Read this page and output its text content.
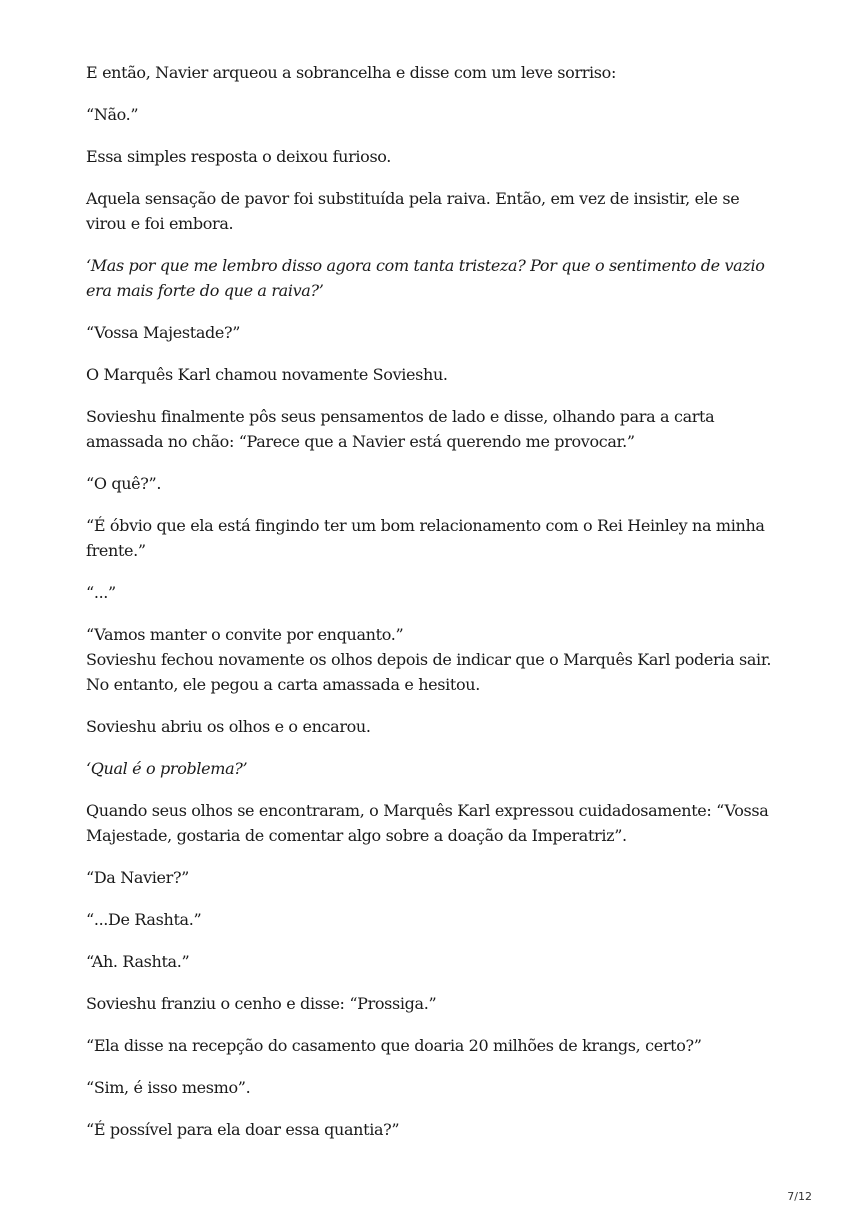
E então, Navier arqueou a sobrancelha e disse com um leve sorriso:

“Não.”

Essa simples resposta o deixou furioso.

Aquela sensação de pavor foi substituída pela raiva. Então, em vez de insistir, ele se virou e foi embora.

‘Mas por que me lembro disso agora com tanta tristeza? Por que o sentimento de vazio era mais forte do que a raiva?’

“Vossa Majestade?”

O Marquês Karl chamou novamente Sovieshu.

Sovieshu finalmente pôs seus pensamentos de lado e disse, olhando para a carta amassada no chão: “Parece que a Navier está querendo me provocar.”

“O quê?”.

“É óbvio que ela está fingindo ter um bom relacionamento com o Rei Heinley na minha frente.”

“...”

“Vamos manter o convite por enquanto.”

Sovieshu fechou novamente os olhos depois de indicar que o Marquês Karl poderia sair. No entanto, ele pegou a carta amassada e hesitou.

Sovieshu abriu os olhos e o encarou.

‘Qual é o problema?’

Quando seus olhos se encontraram, o Marquês Karl expressou cuidadosamente: “Vossa Majestade, gostaria de comentar algo sobre a doação da Imperatriz”.

“Da Navier?”

“...De Rashta.”

“Ah. Rashta.”

Sovieshu franziu o cenho e disse: “Prossiga.”

“Ela disse na recepção do casamento que doaria 20 milhões de krangs, certo?”

“Sim, é isso mesmo”.

“É possível para ela doar essa quantia?”

7/12
